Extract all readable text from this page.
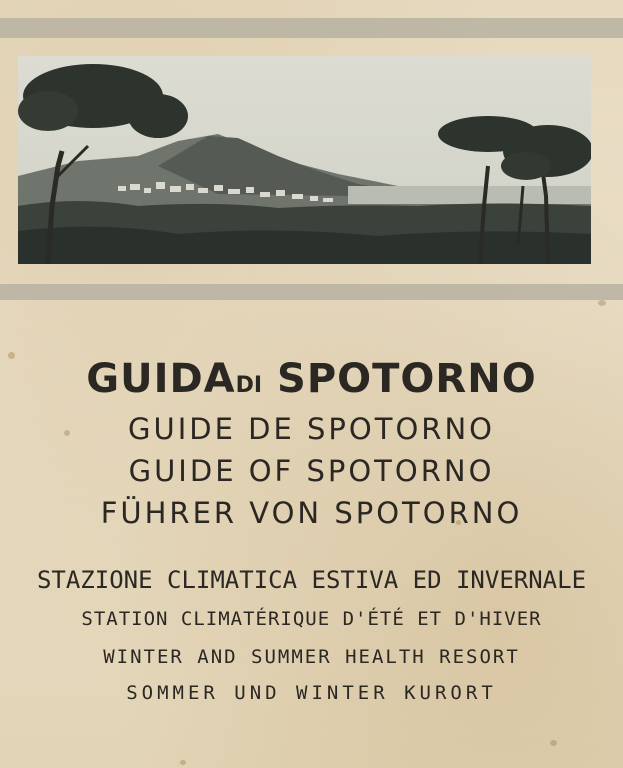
GUIDADI SPOTORNO
GUIDE DE SPOTORNO
GUIDE OF SPOTORNO
FÜHRER VON SPOTORNO
STAZIONE CLIMATICA ESTIVA ED INVERNALE
STATION CLIMATÉRIQUE D'ÉTÉ ET D'HIVER
WINTER AND SUMMER HEALTH RESORT
SOMMER UND WINTER KURORT
